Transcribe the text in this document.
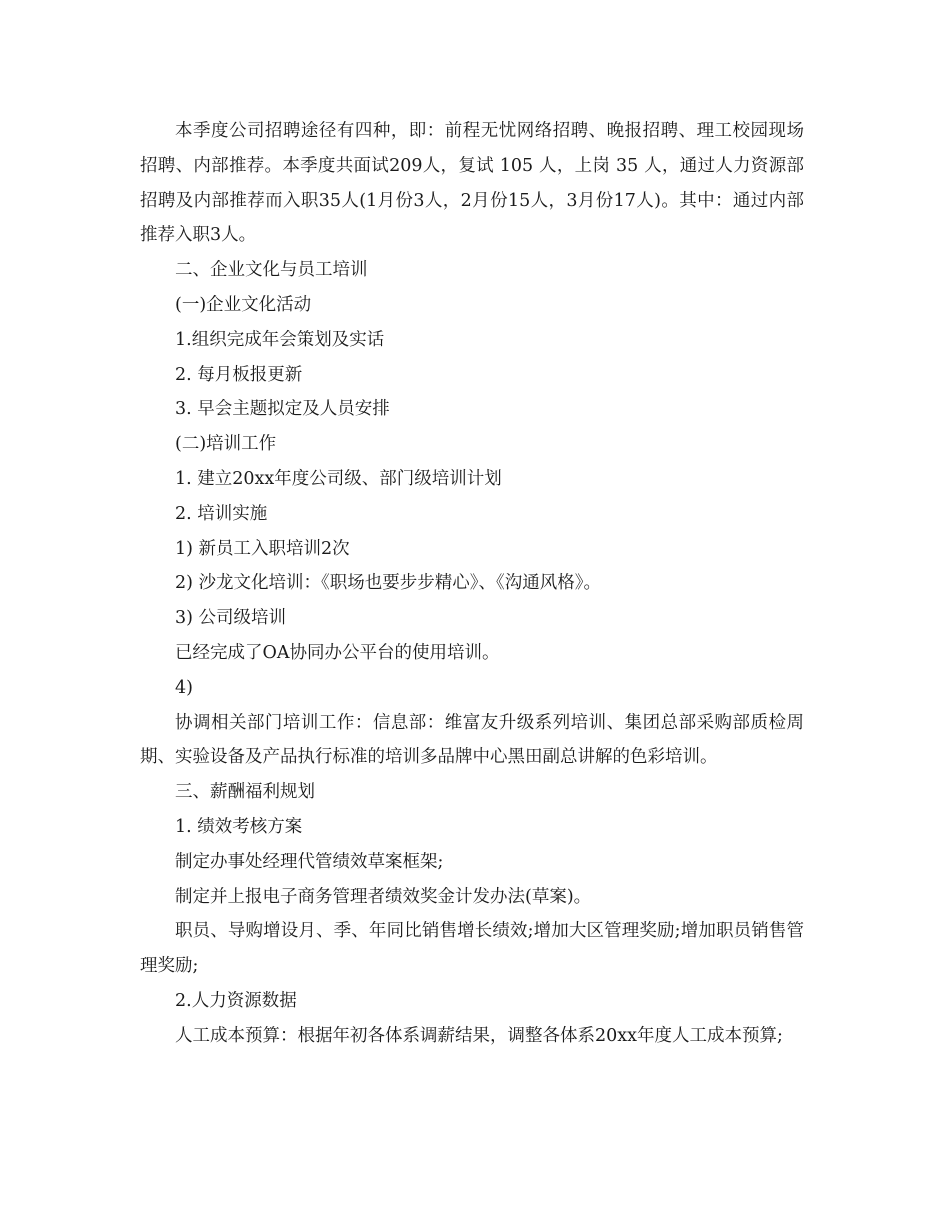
本季度公司招聘途径有四种，即：前程无忧网络招聘、晚报招聘、理工校园现场招聘、内部推荐。本季度共面试209人，复试 105 人，上岗 35 人，通过人力资源部招聘及内部推荐而入职35人(1月份3人，2月份15人，3月份17人)。其中：通过内部推荐入职3人。

二、企业文化与员工培训

(一)企业文化活动

1.组织完成年会策划及实话

2. 每月板报更新

3. 早会主题拟定及人员安排

(二)培训工作

1. 建立20xx年度公司级、部门级培训计划

2. 培训实施

1) 新员工入职培训2次

2) 沙龙文化培训：《职场也要步步精心》、《沟通风格》。

3) 公司级培训

已经完成了OA协同办公平台的使用培训。

4)

协调相关部门培训工作：信息部：维富友升级系列培训、集团总部采购部质检周期、实验设备及产品执行标准的培训多品牌中心黑田副总讲解的色彩培训。

三、薪酬福利规划

1. 绩效考核方案

制定办事处经理代管绩效草案框架;

制定并上报电子商务管理者绩效奖金计发办法(草案)。

职员、导购增设月、季、年同比销售增长绩效;增加大区管理奖励;增加职员销售管理奖励;

2.人力资源数据

人工成本预算：根据年初各体系调薪结果，调整各体系20xx年度人工成本预算;
